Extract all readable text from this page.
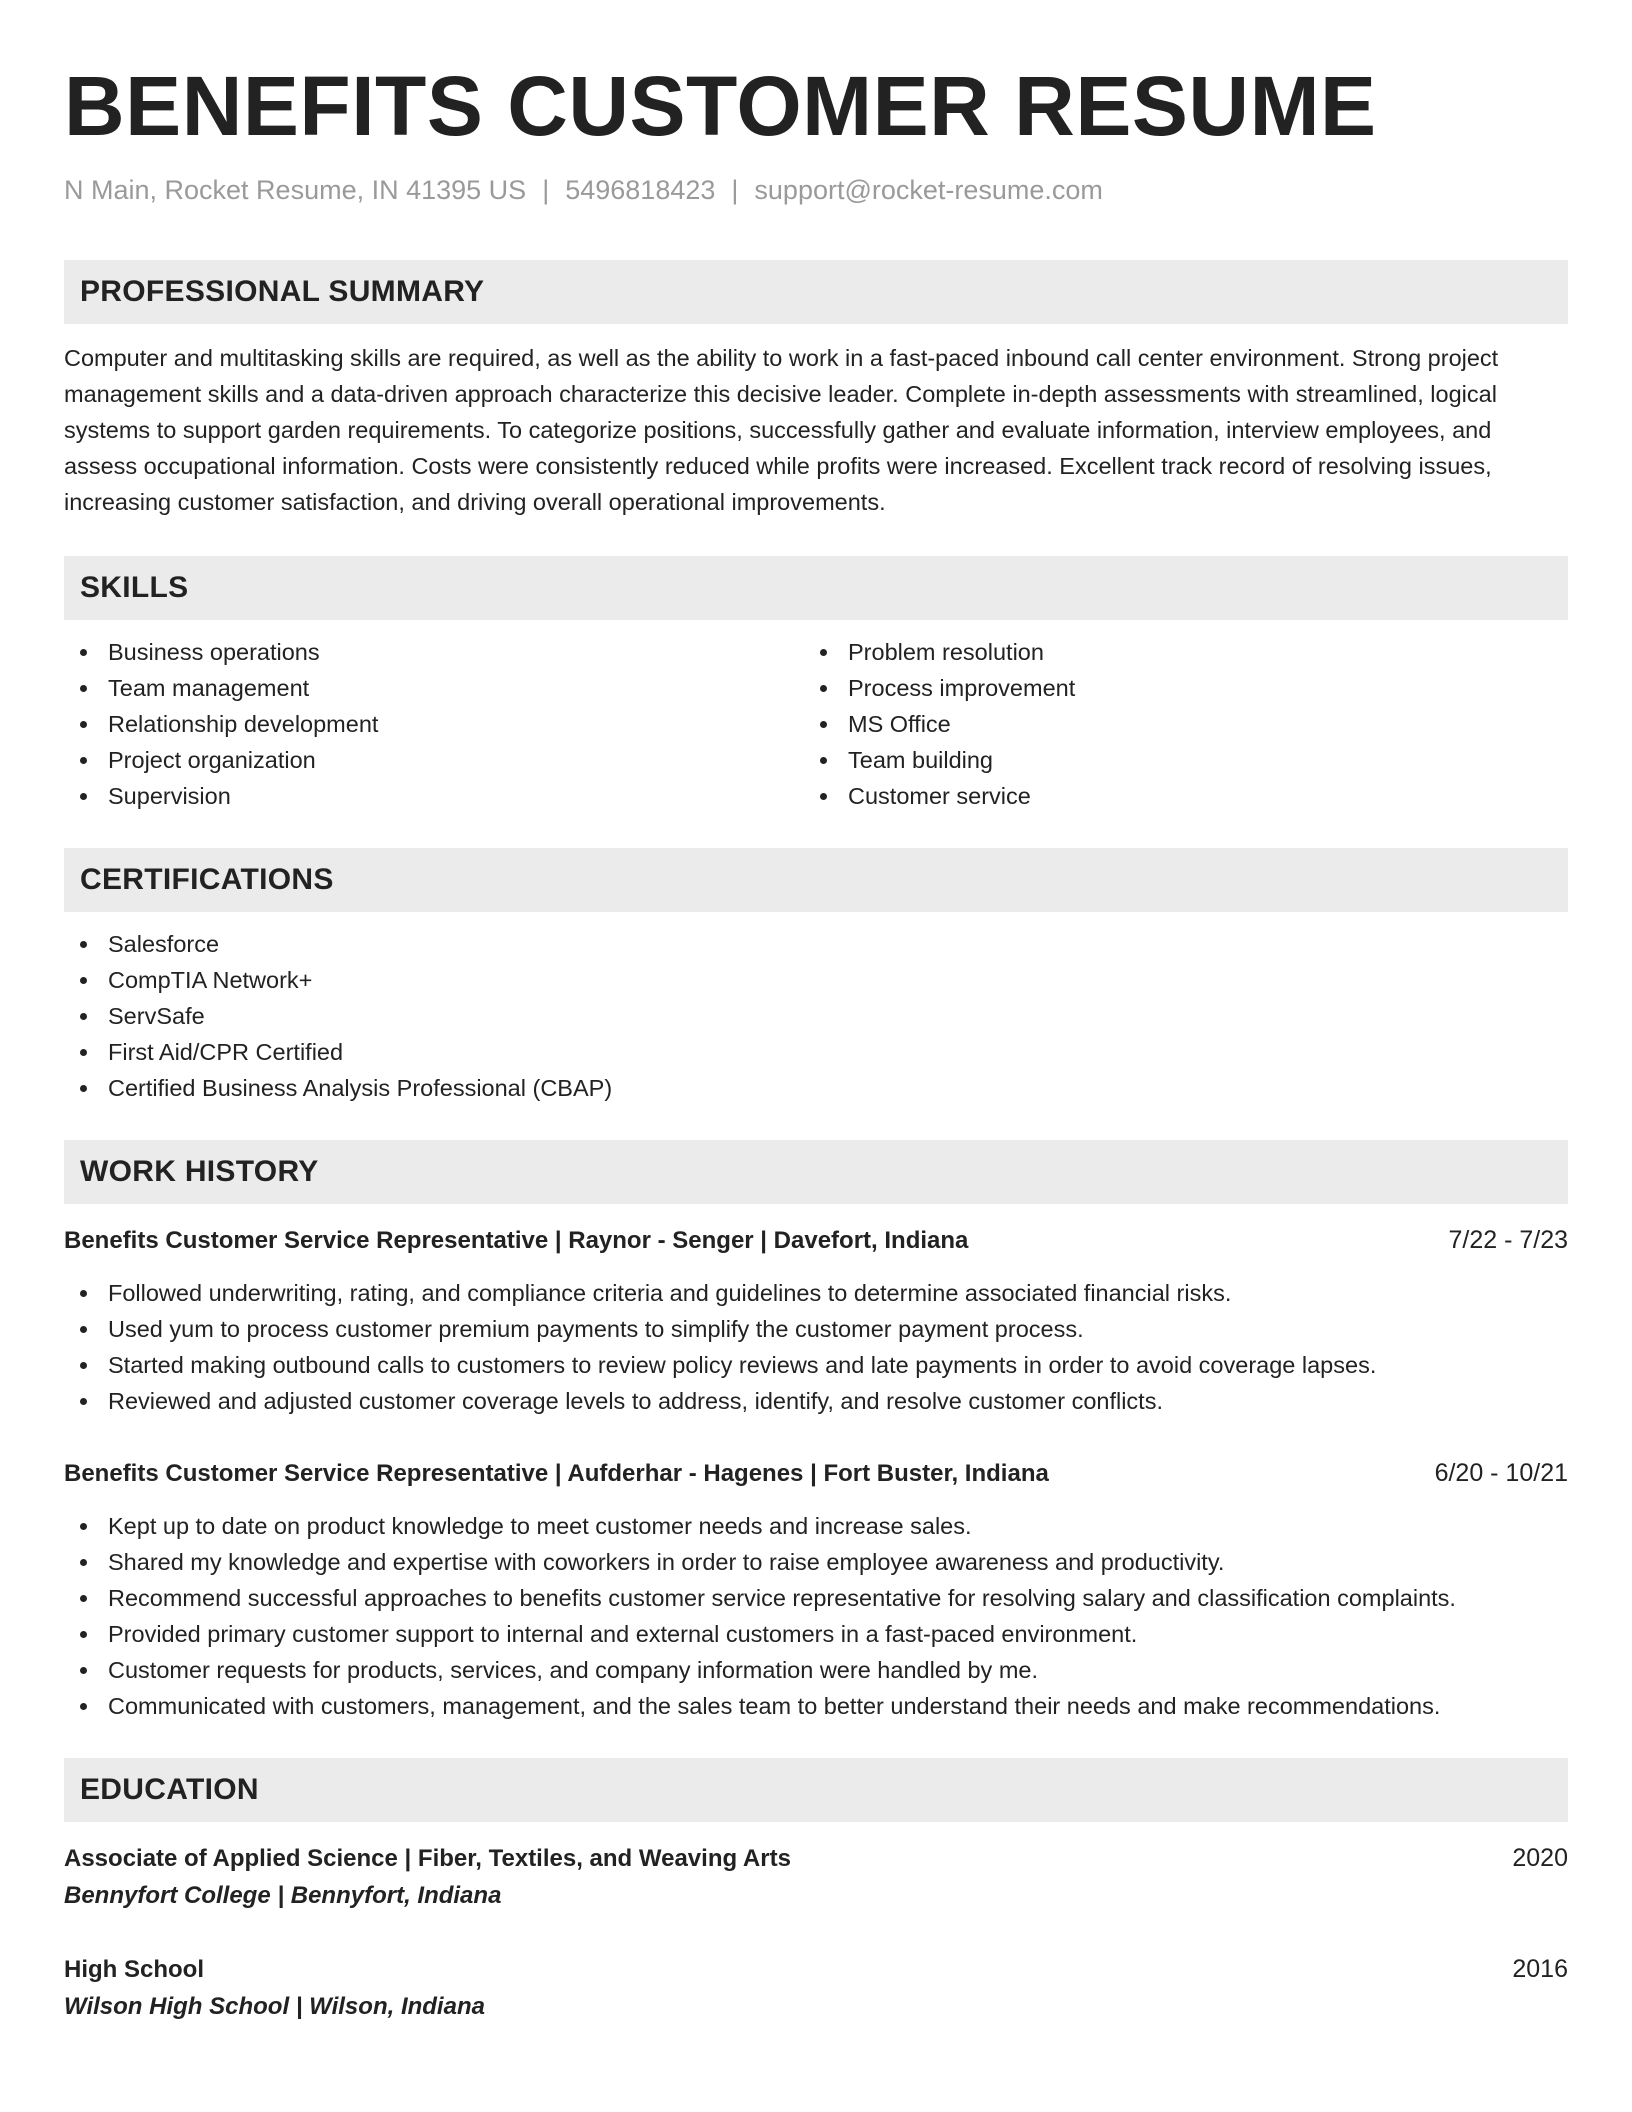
BENEFITS CUSTOMER RESUME
N Main, Rocket Resume, IN 41395 US | 5496818423 | support@rocket-resume.com
PROFESSIONAL SUMMARY
Computer and multitasking skills are required, as well as the ability to work in a fast-paced inbound call center environment. Strong project management skills and a data-driven approach characterize this decisive leader. Complete in-depth assessments with streamlined, logical systems to support garden requirements. To categorize positions, successfully gather and evaluate information, interview employees, and assess occupational information. Costs were consistently reduced while profits were increased. Excellent track record of resolving issues, increasing customer satisfaction, and driving overall operational improvements.
SKILLS
Business operations
Team management
Relationship development
Project organization
Supervision
Problem resolution
Process improvement
MS Office
Team building
Customer service
CERTIFICATIONS
Salesforce
CompTIA Network+
ServSafe
First Aid/CPR Certified
Certified Business Analysis Professional (CBAP)
WORK HISTORY
Benefits Customer Service Representative | Raynor - Senger | Davefort, Indiana	7/22 - 7/23
Followed underwriting, rating, and compliance criteria and guidelines to determine associated financial risks.
Used yum to process customer premium payments to simplify the customer payment process.
Started making outbound calls to customers to review policy reviews and late payments in order to avoid coverage lapses.
Reviewed and adjusted customer coverage levels to address, identify, and resolve customer conflicts.
Benefits Customer Service Representative | Aufderhar - Hagenes | Fort Buster, Indiana	6/20 - 10/21
Kept up to date on product knowledge to meet customer needs and increase sales.
Shared my knowledge and expertise with coworkers in order to raise employee awareness and productivity.
Recommend successful approaches to benefits customer service representative for resolving salary and classification complaints.
Provided primary customer support to internal and external customers in a fast-paced environment.
Customer requests for products, services, and company information were handled by me.
Communicated with customers, management, and the sales team to better understand their needs and make recommendations.
EDUCATION
Associate of Applied Science | Fiber, Textiles, and Weaving Arts	2020
Bennyfort College | Bennyfort, Indiana
High School	2016
Wilson High School | Wilson, Indiana
